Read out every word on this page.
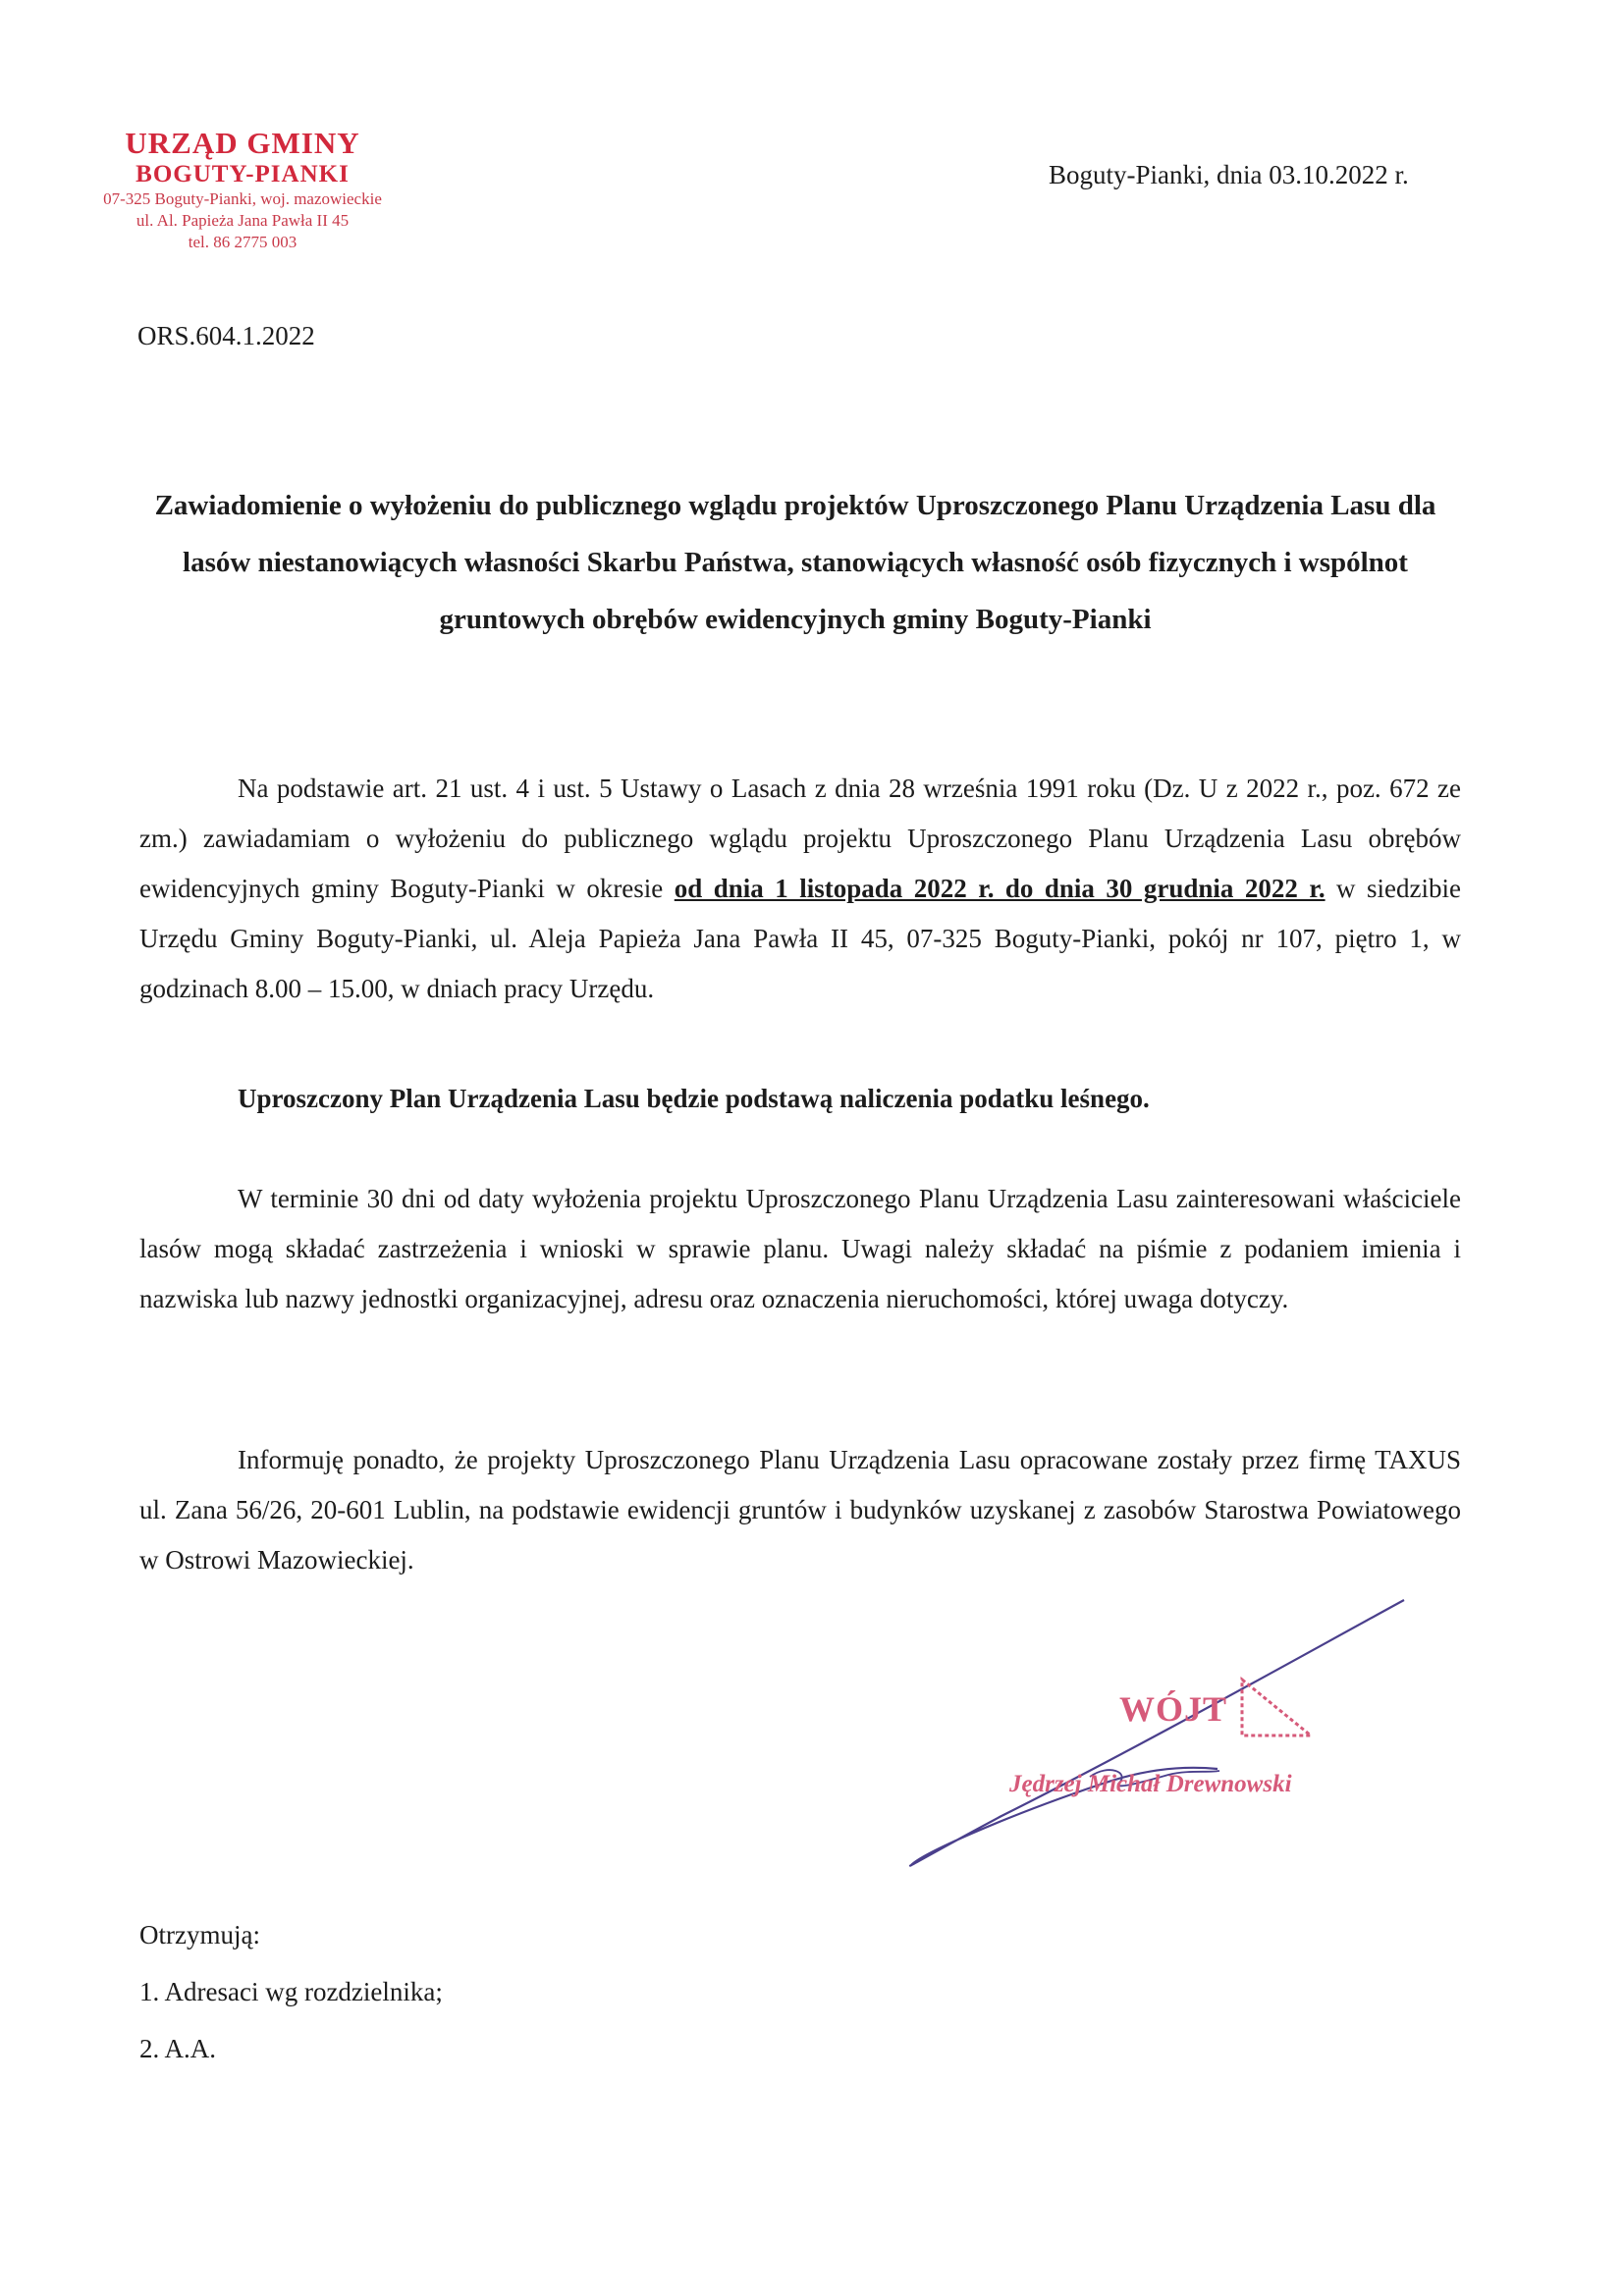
URZĄD GMINY
BOGUTY-PIANKI
07-325 Boguty-Pianki, woj. mazowieckie
ul. Al. Papieża Jana Pawła II 45
tel. 86 2775 003
Boguty-Pianki, dnia 03.10.2022 r.
ORS.604.1.2022
Zawiadomienie o wyłożeniu do publicznego wglądu projektów Uproszczonego Planu Urządzenia Lasu dla lasów niestanowiących własności Skarbu Państwa, stanowiących własność osób fizycznych i wspólnot gruntowych obrębów ewidencyjnych gminy Boguty-Pianki
Na podstawie art. 21 ust. 4 i ust. 5 Ustawy o Lasach z dnia 28 września 1991 roku (Dz. U z 2022 r., poz. 672 ze zm.) zawiadamiam o wyłożeniu do publicznego wglądu projektu Uproszczonego Planu Urządzenia Lasu obrębów ewidencyjnych gminy Boguty-Pianki w okresie od dnia 1 listopada 2022 r. do dnia 30 grudnia 2022 r. w siedzibie Urzędu Gminy Boguty-Pianki, ul. Aleja Papieża Jana Pawła II 45, 07-325 Boguty-Pianki, pokój nr 107, piętro 1, w godzinach 8.00 – 15.00, w dniach pracy Urzędu.
Uproszczony Plan Urządzenia Lasu będzie podstawą naliczenia podatku leśnego.
W terminie 30 dni od daty wyłożenia projektu Uproszczonego Planu Urządzenia Lasu zainteresowani właściciele lasów mogą składać zastrzeżenia i wnioski w sprawie planu. Uwagi należy składać na piśmie z podaniem imienia i nazwiska lub nazwy jednostki organizacyjnej, adresu oraz oznaczenia nieruchomości, której uwaga dotyczy.
Informuję ponadto, że projekty Uproszczonego Planu Urządzenia Lasu opracowane zostały przez firmę TAXUS ul. Zana 56/26, 20-601 Lublin, na podstawie ewidencji gruntów i budynków uzyskanej z zasobów Starostwa Powiatowego w Ostrowi Mazowieckiej.
WÓJT
Jędrzej Michał Drewnowski
Otrzymują:
1. Adresaci wg rozdzielnika;
2. A.A.
